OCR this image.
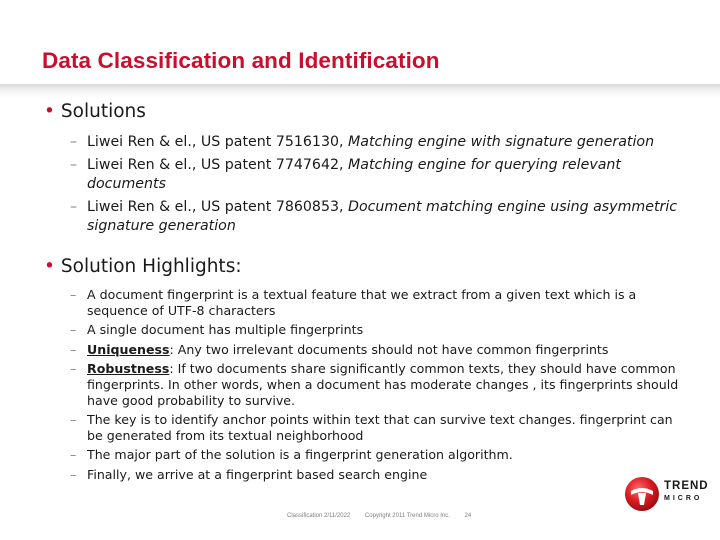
Data Classification and Identification
• Solutions
– Liwei Ren & el., US patent 7516130, Matching engine with signature generation
– Liwei Ren & el., US patent 7747642, Matching engine for querying relevant documents
– Liwei Ren & el., US patent 7860853, Document matching engine using asymmetric signature generation
• Solution Highlights:
– A document fingerprint is a textual feature that we extract from a given text which is a sequence of UTF-8 characters
– A single document has multiple fingerprints
– Uniqueness: Any two irrelevant documents should not have common fingerprints
– Robustness: If two documents share significantly common texts, they should have common fingerprints. In other words, when a document has moderate changes , its fingerprints should have good probability to survive.
– The key is to identify anchor points within text that can survive text changes. fingerprint can be generated from its textual neighborhood
– The major part of the solution is a fingerprint generation algorithm.
– Finally, we arrive at a fingerprint based search engine
Classification 2/11/2022 Copyright 2011 Trend Micro Inc. 24
TREND
MICRO
